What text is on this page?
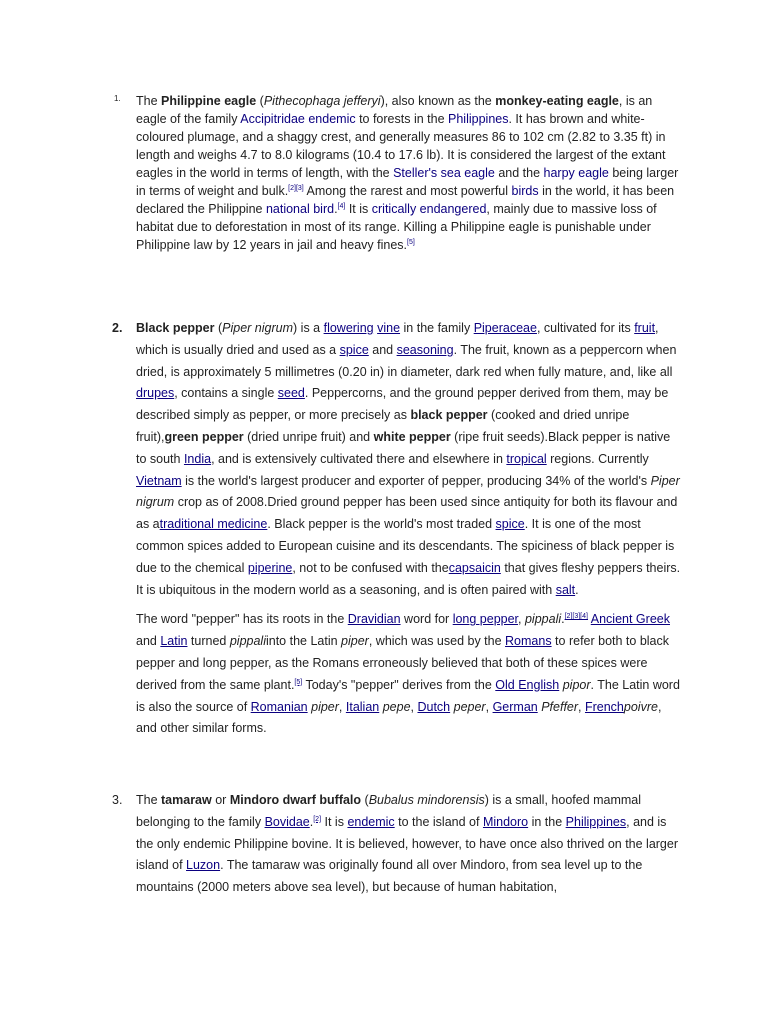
1. The Philippine eagle (Pithecophaga jefferyi), also known as the monkey-eating eagle, is an eagle of the family Accipitridae endemic to forests in the Philippines. It has brown and white-coloured plumage, and a shaggy crest, and generally measures 86 to 102 cm (2.82 to 3.35 ft) in length and weighs 4.7 to 8.0 kilograms (10.4 to 17.6 lb). It is considered the largest of the extant eagles in the world in terms of length, with the Steller's sea eagle and the harpy eagle being larger in terms of weight and bulk.[2][3] Among the rarest and most powerful birds in the world, it has been declared the Philippine national bird.[4] It is critically endangered, mainly due to massive loss of habitat due to deforestation in most of its range. Killing a Philippine eagle is punishable under Philippine law by 12 years in jail and heavy fines.[5]

2. Black pepper (Piper nigrum) is a flowering vine in the family Piperaceae, cultivated for its fruit, which is usually dried and used as a spice and seasoning. The fruit, known as a peppercorn when dried, is approximately 5 millimetres (0.20 in) in diameter, dark red when fully mature, and, like all drupes, contains a single seed. Peppercorns, and the ground pepper derived from them, may be described simply as pepper, or more precisely as black pepper (cooked and dried unripe fruit),green pepper (dried unripe fruit) and white pepper (ripe fruit seeds).Black pepper is native to south India, and is extensively cultivated there and elsewhere in tropical regions. Currently Vietnam is the world's largest producer and exporter of pepper, producing 34% of the world's Piper nigrum crop as of 2008.Dried ground pepper has been used since antiquity for both its flavour and as atraditional medicine. Black pepper is the world's most traded spice. It is one of the most common spices added to European cuisine and its descendants. The spiciness of black pepper is due to the chemical piperine, not to be confused with thecapsaicin that gives fleshy peppers theirs. It is ubiquitous in the modern world as a seasoning, and is often paired with salt.

The word "pepper" has its roots in the Dravidian word for long pepper, pippali.[2][3][4] Ancient Greek and Latin turned pippaliinto the Latin piper, which was used by the Romans to refer both to black pepper and long pepper, as the Romans erroneously believed that both of these spices were derived from the same plant.[5] Today's "pepper" derives from the Old English pipor. The Latin word is also the source of Romanian piper, Italian pepe, Dutch peper, German Pfeffer, Frenchpoivre, and other similar forms.

3. The tamaraw or Mindoro dwarf buffalo (Bubalus mindorensis) is a small, hoofed mammal belonging to the family Bovidae.[2] It is endemic to the island of Mindoro in the Philippines, and is the only endemic Philippine bovine. It is believed, however, to have once also thrived on the larger island of Luzon. The tamaraw was originally found all over Mindoro, from sea level up to the mountains (2000 meters above sea level), but because of human habitation,
